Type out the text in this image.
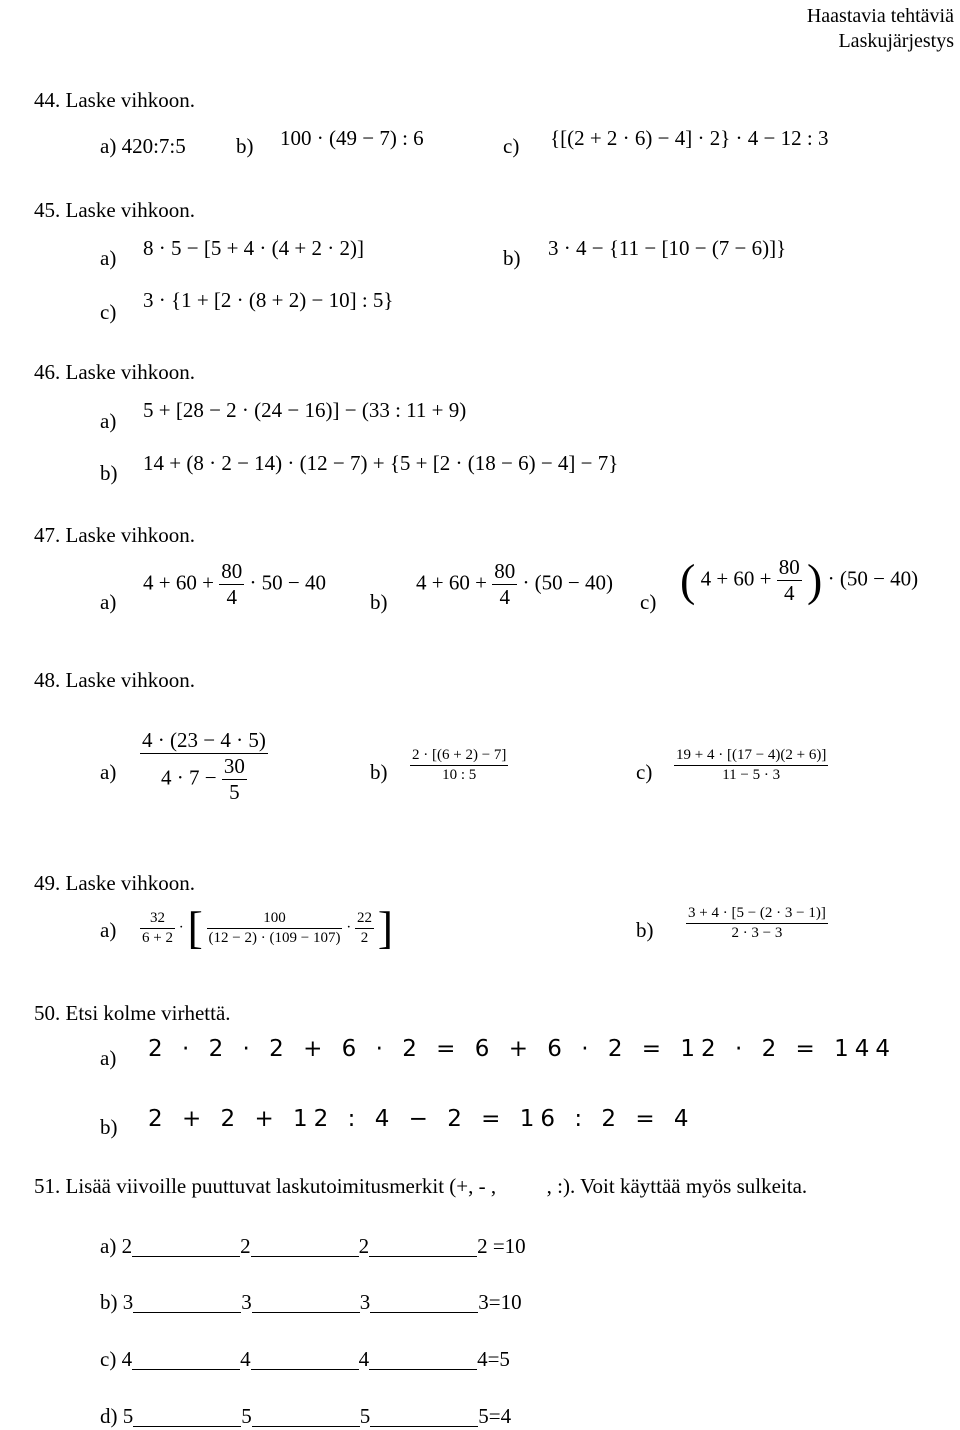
Haastavia tehtäviä
Laskujärjestys
44. Laske vihkoon.
a) 420:7:5 b) 100 · (49 − 7) : 6	c) {[(2 + 2 · 6) − 4] · 2} · 4 − 12 : 3
45. Laske vihkoon.
a) 8 · 5 − [5 + 4 · (4 + 2 · 2)]	b) 3 · 4 − {11 − [10 − (7 − 6)]}
c) 3 · {1 + [2 · (8 + 2) − 10] : 5}
46. Laske vihkoon.
a) 5 + [28 − 2 · (24 − 16)] − (33 : 11 + 9)
b) 14 + (8 · 2 − 14) · (12 − 7) + {5 + [2 · (18 − 6) − 4] − 7}
47. Laske vihkoon.
a)
$4 + 60 + \frac{80}{4} \cdot 50 - 40$
b)
$4 + 60 + \frac{80}{4} \cdot (50 - 40)$
c) ( $4 + 60 + \frac{80}{4}$ ) · (50 − 40)
48. Laske vihkoon.
$a) \frac{4 \cdot (23 - 4 \cdot 5)}{4 \cdot 7 - \frac{30}{5}}$	$b) \frac{2 \cdot [(6 + 2) - 7]}{10 : 5}$	$c) \frac{19 + 4 \cdot [(17 - 4)(2 + 6)]}{11 - 5 \cdot 3}$
49. Laske vihkoon.
$a) \frac{32}{6 + 2}$ · [ $\frac{100}{(12 - 2) \cdot (109 - 107)} \cdot \frac{22}{2}$ ]	$b) \frac{3 + 4 \cdot [5 - (2 \cdot 3 - 1)]}{2 \cdot 3 - 3}$
50. Etsi kolme virhettä.
a) 2 · 2 · 2 + 6 · 2 = 6 + 6 · 2 = 12 · 2 = 144
b) 2 + 2 + 12 : 4 − 2 = 16 : 2 = 4
51. Lisää viivoille puuttuvat laskutoimitusmerkit (+, - , , :). Voit käyttää myös sulkeita.
a) 2	2	2	2 =10
b) 3	3	3	3=10
c) 4	4	4	4=5
d) 5	5	5	5=4
